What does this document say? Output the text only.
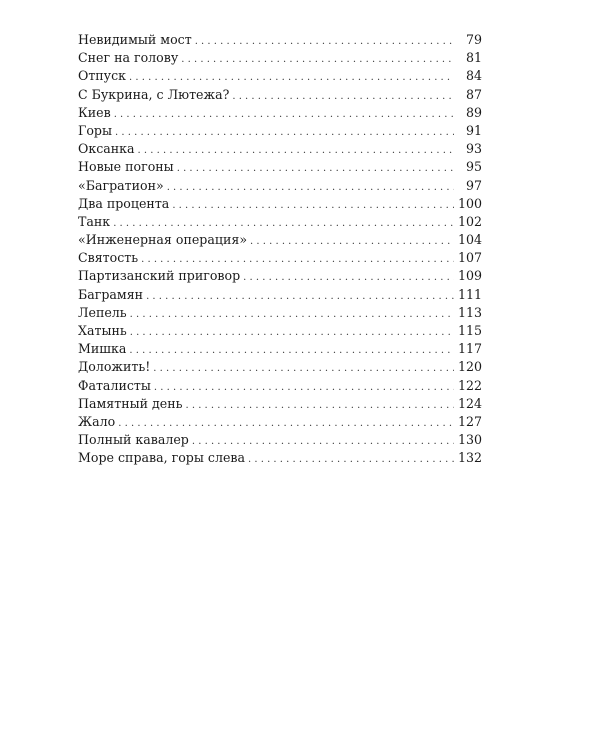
Невидимый мост . . .	79
Снег на голову . . .	81
Отпуск . . .	84
С Букрина, с Лютежа? . . .	87
Киев . . .	89
Горы . . .	91
Оксанка . . .	93
Новые погоны . . .	95
«Багратион» . . .	97
Два процента . . .	100
Танк . . .	102
«Инженерная операция» . . .	104
Святость . . .	107
Партизанский приговор . . .	109
Баграмян . . .	111
Лепель . . .	113
Хатынь . . .	115
Мишка . . .	117
Доложить! . . .	120
Фаталисты . . .	122
Памятный день . . .	124
Жало . . .	127
Полный кавалер . . .	130
Море справа, горы слева . . .	132
